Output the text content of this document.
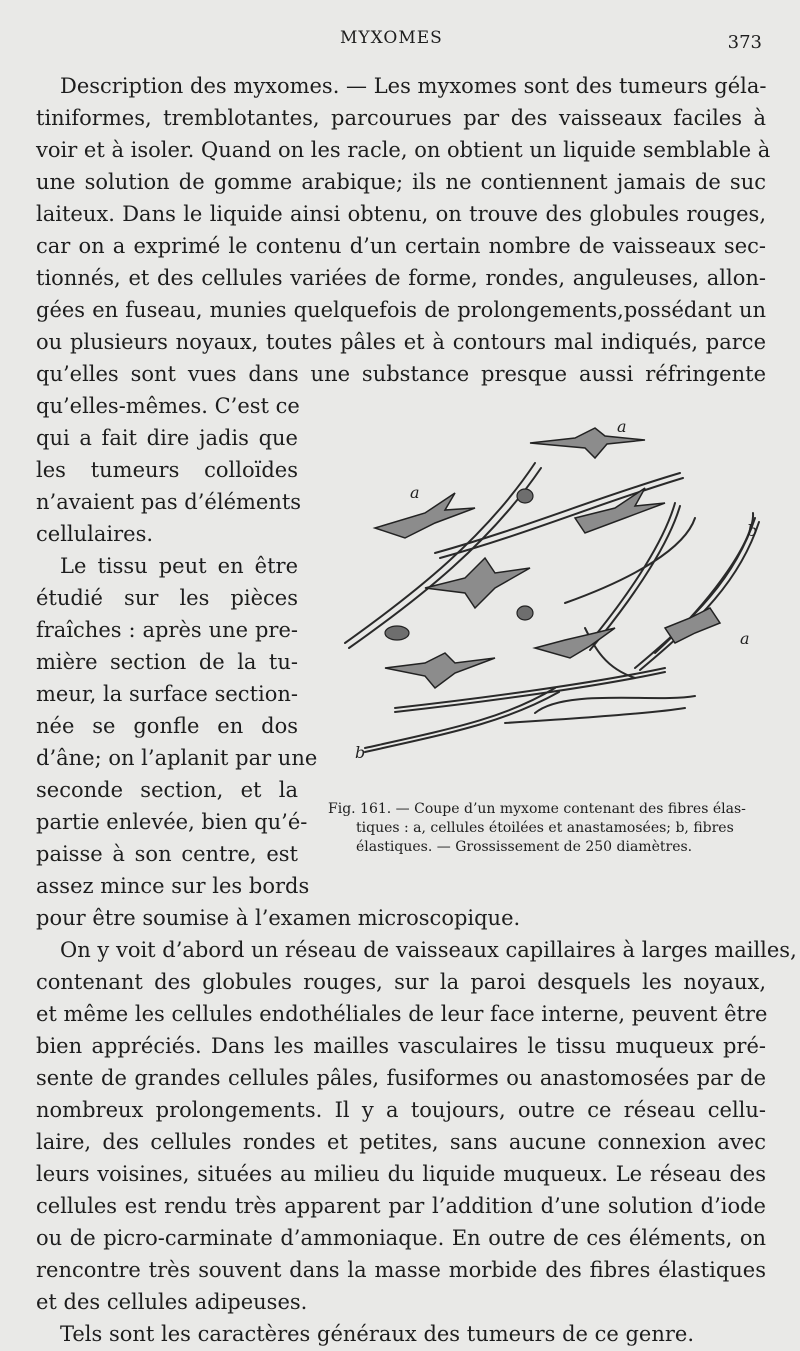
MYXOMES	373
Description des myxomes. — Les myxomes sont des tumeurs géla-
tiniformes, tremblotantes, parcourues par des vaisseaux faciles à
voir et à isoler. Quand on les racle, on obtient un liquide semblable à
une solution de gomme arabique; ils ne contiennent jamais de suc
laiteux. Dans le liquide ainsi obtenu, on trouve des globules rouges,
car on a exprimé le contenu d’un certain nombre de vaisseaux sec-
tionnés, et des cellules variées de forme, rondes, anguleuses, allon-
gées en fuseau, munies quelquefois de prolongements,possédant un
ou plusieurs noyaux, toutes pâles et à contours mal indiqués, parce
qu’elles sont vues dans une substance presque aussi réfringente
qu’elles-mêmes. C’est ce
qui a fait dire jadis que
les tumeurs colloïdes
n’avaient pas d’éléments
cellulaires.
Le tissu peut en être
étudié sur les pièces
fraîches : après une pre-
mière section de la tu-
meur, la surface section-
née se gonfle en dos
d’âne; on l’aplanit par une
seconde section, et la
partie enlevée, bien qu’é-
paisse à son centre, est
assez mince sur les bords
pour être soumise à l’examen microscopique.
On y voit d’abord un réseau de vaisseaux capillaires à larges mailles,
contenant des globules rouges, sur la paroi desquels les noyaux,
et même les cellules endothéliales de leur face interne, peuvent être
bien appréciés. Dans les mailles vasculaires le tissu muqueux pré-
sente de grandes cellules pâles, fusiformes ou anastomosées par de
nombreux prolongements. Il y a toujours, outre ce réseau cellu-
laire, des cellules rondes et petites, sans aucune connexion avec
leurs voisines, situées au milieu du liquide muqueux. Le réseau des
cellules est rendu très apparent par l’addition d’une solution d’iode
ou de picro-carminate d’ammoniaque. En outre de ces éléments, on
rencontre très souvent dans la masse morbide des fibres élastiques
et des cellules adipeuses.
Tels sont les caractères généraux des tumeurs de ce genre.
a
a
a
b
b
Fig. 161. — Coupe d’un myxome contenant des fibres élas-
tiques : a, cellules étoilées et anastamosées; b, fibres
élastiques. — Grossissement de 250 diamètres.
